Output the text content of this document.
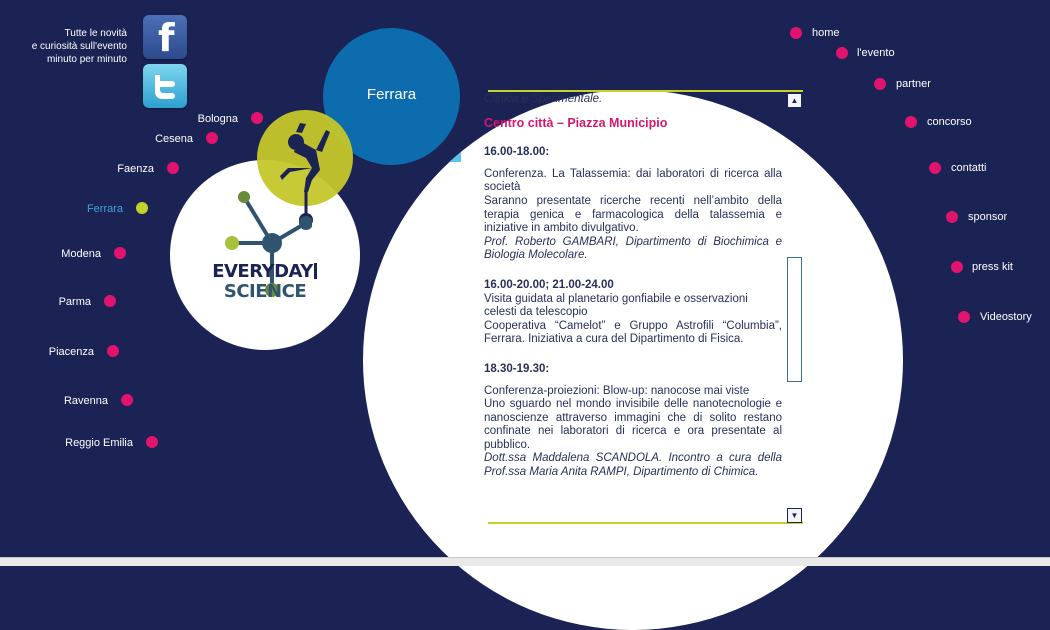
Tutte le novità
e curiosità sull'evento
minuto per minuto f
Ferrara
EVERYDAYSCIENCE
Bologna
Cesena
Faenza
Ferrara
Modena
Parma
Piacenza
Ravenna
Reggio Emilia
home
l'evento
partner
concorso
contatti
sponsor
press kit
Videostory

Clinica e Sperimentale.

Centro città – Piazza Municipio

16.00-18.00:

Conferenza. La Talassemia: dai laboratori di ricerca alla società

Saranno presentate ricerche recenti nell’ambito della terapia genica e farmacologica della talassemia e iniziative in ambito divulgativo.

Prof. Roberto GAMBARI, Dipartimento di Biochimica e Biologia Molecolare.

16.00-20.00; 21.00-24.00

Visita guidata al planetario gonfiabile e osservazioni celesti da telescopio

Cooperativa “Camelot” e Gruppo Astrofili “Columbia”, Ferrara. Iniziativa a cura del Dipartimento di Fisica.

18.30-19.30:

Conferenza-proiezioni: Blow-up: nanocose mai viste

Uno sguardo nel mondo invisibile delle nanotecnologie e nanoscienze attraverso immagini che di solito restano confinate nei laboratori di ricerca e ora presentate al pubblico.

Dott.ssa Maddalena SCANDOLA. Incontro a cura della Prof.ssa Maria Anita RAMPI, Dipartimento di Chimica.

▲
▼
